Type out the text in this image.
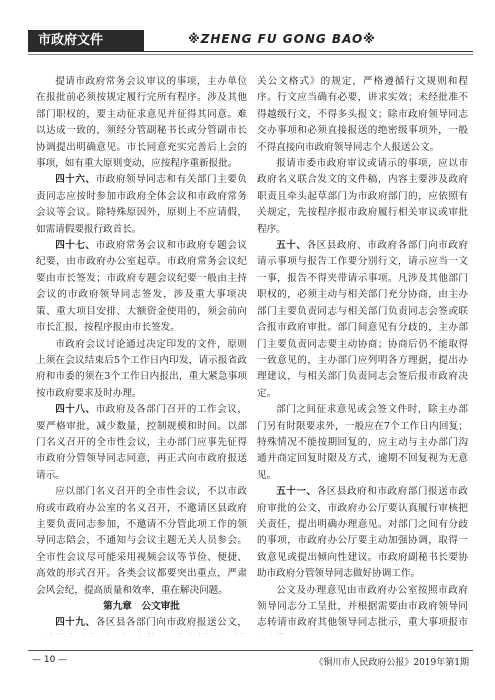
市政府文件	※ZHENG FU GONG BAO※

提请市政府常务会议审议的事项，主办单位在报批前必须按规定履行完所有程序。涉及其他部门职权的，要主动征求意见并征得其同意。难以达成一致的，须经分管副秘书长或分管副市长协调提出明确意见。市长同意充实完善后上会的事项，如有重大原则变动，应按程序重新报批。

四十六、市政府领导同志和有关部门主要负责同志应按时参加市政府全体会议和市政府常务会议等会议。除特殊原因外，原则上不应请假，如需请假要报行政首长。

四十七、市政府常务会议和市政府专题会议纪要，由市政府办公室起草。市政府常务会议纪要由市长签发；市政府专题会议纪要一般由主持会议的市政府领导同志签发，涉及重大事项决策、重大项目安排、大额资金使用的，须会前向市长汇报，按程序报由市长签发。

市政府会议讨论通过决定印发的文件，原则上须在会议结束后5个工作日内印发，请示报省政府和市委的须在3个工作日内报出，重大紧急事项按市政府要求及时办理。

四十八、市政府及各部门召开的工作会议，要严格审批，减少数量，控制规模和时间。以部门名义召开的全市性会议，主办部门应事先征得市政府分管领导同志同意，再正式向市政府报送请示。

应以部门名义召开的全市性会议，不以市政府或市政府办公室的名义召开，不邀请区县政府主要负责同志参加，不邀请不分管此项工作的领导同志陪会，不通知与会议主题无关人员参会。全市性会议尽可能采用视频会议等节俭、便捷、高效的形式召开。各类会议都要突出重点，严肃会风会纪，提高质量和效率，重在解决问题。

第九章　公文审批

四十九、各区县各部门向市政府报送公文，

关公文格式》的规定，严格遵循行文规则和程序。行文应当确有必要，讲求实效；未经批准不得越级行文，不得多头报文；除市政府领导同志交办事项和必须直接报送的绝密级事项外，一般不得直接向市政府领导同志个人报送公文。

报请市委市政府审议或请示的事项，应以市政府名义联合发文的文件稿，内容主要涉及政府职责且牵头起草部门为市政府部门的，应依照有关规定，先按程序报市政府履行相关审议或审批程序。

五十、各区县政府、市政府各部门向市政府请示事项与报告工作要分别行文，请示应当一文一事，报告不得夹带请示事项。凡涉及其他部门职权的，必须主动与相关部门充分协商，由主办部门主要负责同志与相关部门负责同志会签或联合报市政府审批。部门间意见有分歧的，主办部门主要负责同志要主动协商；协商后仍不能取得一致意见的，主办部门应列明各方理据，提出办理建议，与相关部门负责同志会签后报市政府决定。

部门之间征求意见或会签文件时，除主办部门另有时限要求外，一般应在7个工作日内回复；特殊情况不能按期回复的，应主动与主办部门沟通并商定回复时限及方式，逾期不回复视为无意见。

五十一、各区县政府和市政府部门报送市政府审批的公文，市政府办公厅要认真履行审核把关责任，提出明确办理意见。对部门之间有分歧的事项，市政府办公厅要主动加强协调，取得一致意见或提出倾向性建议。市政府副秘书长要协助市政府分管领导同志做好协调工作。

公文及办理意见由市政府办公室按照市政府领导同志分工呈批，并根据需要由市政府领导同志转请市政府其他领导同志批示，重大事项报市

— 10 —	《铜川市人民政府公报》2019年第1期
